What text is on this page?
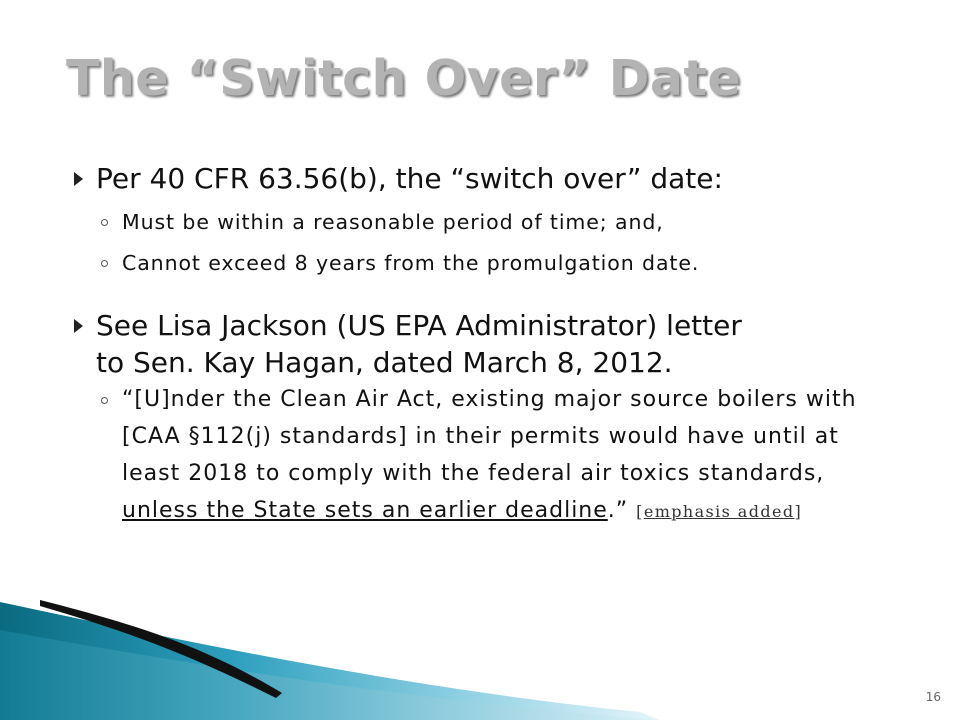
The “Switch Over” Date
Per 40 CFR 63.56(b), the “switch over” date:
Must be within a reasonable period of time; and,
Cannot exceed 8 years from the promulgation date.
See Lisa Jackson (US EPA Administrator) letter
to Sen. Kay Hagan, dated March 8, 2012.
“[U]nder the Clean Air Act, existing major source boilers with [CAA §112(j) standards] in their permits would have until at least 2018 to comply with the federal air toxics standards, unless the State sets an earlier deadline.” [emphasis added]
16
